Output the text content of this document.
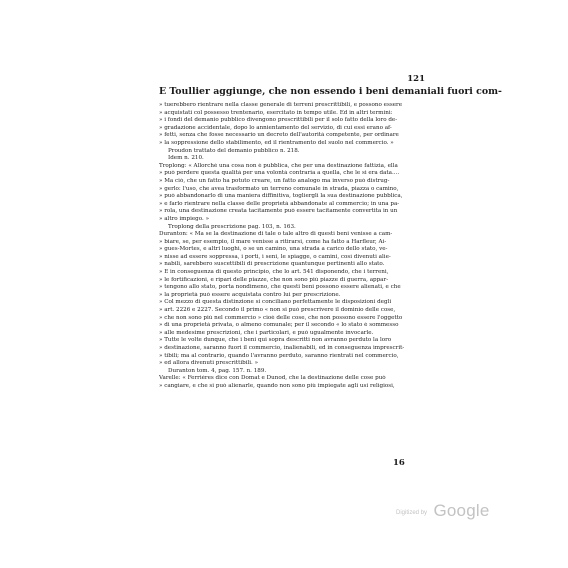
121
E Toullier aggiunge, che non essendo i beni demaniali fuori com-
» tuerebbero rientrare nella classe generale di terreni prescrittibili, e possono essere
» acquistati col possesso trentenario, esercitato in tempo utile. Ed in altri termini:
» i fondi del demanio pubblico divengono prescrittibili per il solo fatto della loro de-
» gradazione accidentale, dopo lo annientamento del servizio, di cui essi erano af-
» fetti, senza che fosse necessario un decreto dell'autorità competente, per ordinare
» la soppressione dello stabilimento, ed il rientramento del suolo nel commercio. »
Proudon trattato del demanio pubblico n. 218.
Idem n. 210.
Troplong: « Allorchè una cosa non è pubblica, che per una destinazione fattizia, ella
» può perdere questa qualità per una volontà contraria a quella, che le si era data....
» Ma ciò, che un fatto ha potuto creare, un fatto analogo ma inverso può distrug-
» gerlo: l'uso, che avea trasformato un terreno comunale in strada, piazza o camino,
» può abbandonarlo di una maniera diffinitiva, togliergli la sua destinazione pubblica,
» e farlo rientrare nella classe delle proprietà abbandonate al commercio; in una pa-
» rola, una destinazione creata tacitamente può essere tacitamente convertita in un
» altro impiego. »
Troplong della prescrizione pag. 103, n. 163.
Duranton: « Ma se la destinazione di tale o tale altro di questi beni venisse a cam-
» biare, se, per esempio, il mare venisse a ritirarsi, come ha fatto a Harfleur, Ai-
» gues-Mortes, e altri luoghi, o se un camino, una strada a carico dello stato, ve-
» nisse ad essere soppressa, i porti, i seni, le spiagge, o camini, così divenuti alie-
» nabili, sarebbero suscettibili di prescrizione quantunque pertinenti allo stato.
» È in conseguenza di questo principio, che lo art. 541 disponendo, che i terreni,
» le fortificazioni, e ripari delle piazze, che non sono più piazze di guerra, appar-
» tengono allo stato, porta nondimeno, che questi beni possono essere alienati, e che
» la proprietà può essere acquistata contro lui per prescrizione.
» Col mezzo di questa distinzione si conciliano perfettamente le disposizioni degli
» art. 2226 e 2227. Secondo il primo « non si può prescrivere il dominio delle cose,
» che non sono più nel commercio » cioè delle cose, che non possono essere l'oggetto
» di una proprietà privata, o almeno comunale; per il secondo « lo stato è sommesso
» alle medesime prescrizioni, che i particolari, e può ugualmente invocarle.
» Tutte le volte dunque, che i beni qui sopra descritti non avranno perduto la loro
» destinazione, saranno fuori il commercio, inalienabili, ed in conseguenza imprescrit-
» tibili; ma al contrario, quando l'avranno perduto, saranno rientrati nel commercio,
» ed allora divenuti prescrittibili. »
Duranton tom. 4, pag. 157. n. 189.
Varelle: « Ferrières dice con Domat e Dunod, che la destinazione delle cose può
» cangiare, e che si può alienarle, quando non sono più impiegate agli usi religiosi,
16
Digitized by Google
